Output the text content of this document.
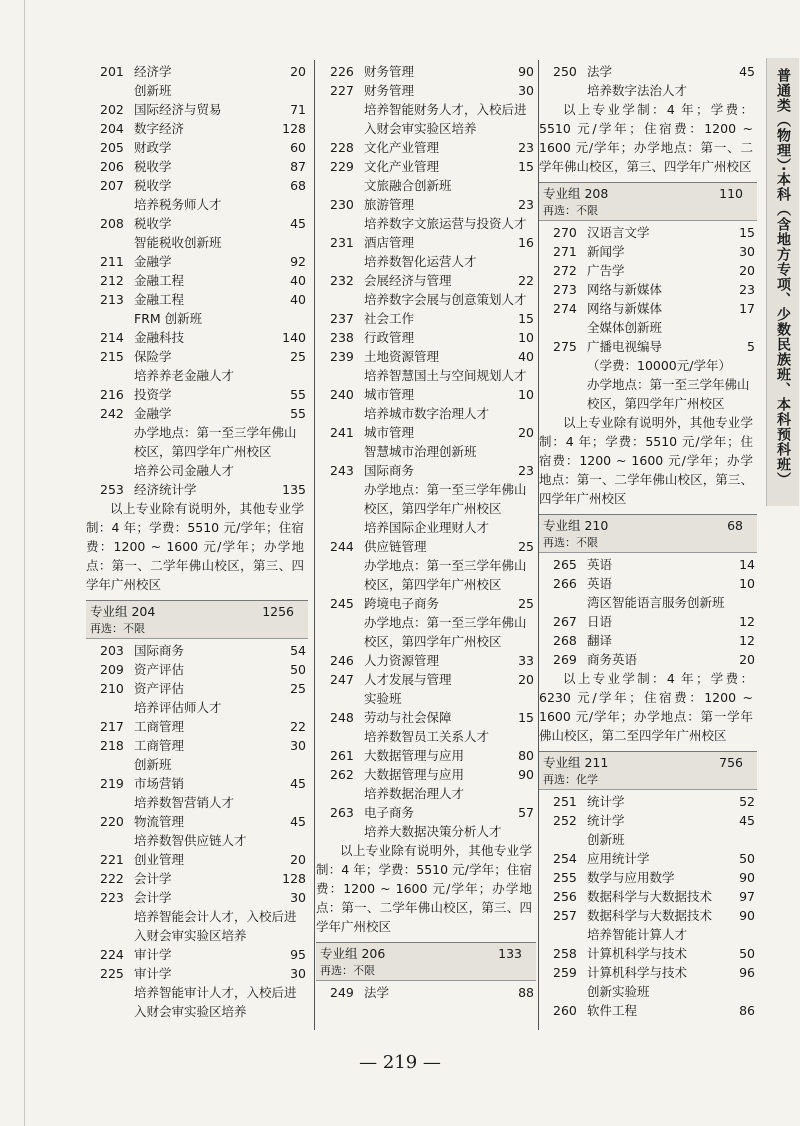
201 经济学	20
创新班
202 国际经济与贸易	71
204 数字经济	128
205 财政学	60
206 税收学	87
207 税收学	68
培养税务师人才
208 税收学	45
智能税收创新班
211 金融学	92
212 金融工程	40
213 金融工程	40
FRM 创新班
214 金融科技	140
215 保险学	25
培养养老金融人才
216 投资学	55
242 金融学	55
办学地点：第一至三学年佛山校区，第四学年广州校区
培养公司金融人才
253 经济统计学	135
以上专业除有说明外，其他专业学制：4 年；学费：5510 元/学年；住宿费：1200 ~ 1600 元/学年；办学地点：第一、二学年佛山校区，第三、四学年广州校区
专业组 204	1256
再选：不限
203 国际商务	54
209 资产评估	50
210 资产评估	25
培养评估师人才
217 工商管理	22
218 工商管理	30
创新班
219 市场营销	45
培养数智营销人才
220 物流管理	45
培养数智供应链人才
221 创业管理	20
222 会计学	128
223 会计学	30
培养智能会计人才，入校后进入财会审实验区培养
224 审计学	95
225 审计学	30
培养智能审计人才，入校后进入财会审实验区培养
226 财务管理	90
227 财务管理	30
培养智能财务人才，入校后进入财会审实验区培养
228 文化产业管理	23
229 文化产业管理	15
文旅融合创新班
230 旅游管理	23
培养数字文旅运营与投资人才
231 酒店管理	16
培养数智化运营人才
232 会展经济与管理	22
培养数字会展与创意策划人才
237 社会工作	15
238 行政管理	10
239 土地资源管理	40
培养智慧国土与空间规划人才
240 城市管理	10
培养城市数字治理人才
241 城市管理	20
智慧城市治理创新班
243 国际商务	23
办学地点：第一至三学年佛山校区，第四学年广州校区
培养国际企业理财人才
244 供应链管理	25
办学地点：第一至三学年佛山校区，第四学年广州校区
245 跨境电子商务	25
办学地点：第一至三学年佛山校区，第四学年广州校区
246 人力资源管理	33
247 人才发展与管理	20
实验班
248 劳动与社会保障	15
培养数智员工关系人才
261 大数据管理与应用	80
262 大数据管理与应用	90
培养数据治理人才
263 电子商务	57
培养大数据决策分析人才
以上专业除有说明外，其他专业学制：4 年；学费：5510 元/学年；住宿费：1200 ~ 1600 元/学年；办学地点：第一、二学年佛山校区，第三、四学年广州校区
专业组 206	133
再选：不限
249 法学	88
250 法学	45
培养数字法治人才
以上专业学制：4 年；学费：5510 元/学年；住宿费：1200 ~ 1600 元/学年；办学地点：第一、二学年佛山校区，第三、四学年广州校区
专业组 208	110
再选：不限
270 汉语言文学	15
271 新闻学	30
272 广告学	20
273 网络与新媒体	23
274 网络与新媒体	17
全媒体创新班
275 广播电视编导	5
（学费：10000元/学年）
办学地点：第一至三学年佛山校区，第四学年广州校区
以上专业除有说明外，其他专业学制：4 年；学费：5510 元/学年；住宿费：1200 ~ 1600 元/学年；办学地点：第一、二学年佛山校区，第三、四学年广州校区
专业组 210	68
再选：不限
265 英语	14
266 英语	10
湾区智能语言服务创新班
267 日语	12
268 翻译	12
269 商务英语	20
以上专业学制：4 年；学费：6230 元/学年；住宿费：1200 ~ 1600 元/学年；办学地点：第一学年佛山校区，第二至四学年广州校区
专业组 211	756
再选：化学
251 统计学	52
252 统计学	45
创新班
254 应用统计学	50
255 数学与应用数学	90
256 数据科学与大数据技术	97
257 数据科学与大数据技术	90
培养智能计算人才
258 计算机科学与技术	50
259 计算机科学与技术	96
创新实验班
260 软件工程	86
普通类（物理）·本科（含地方专项、少数民族班、本科预科班）
— 219 —
